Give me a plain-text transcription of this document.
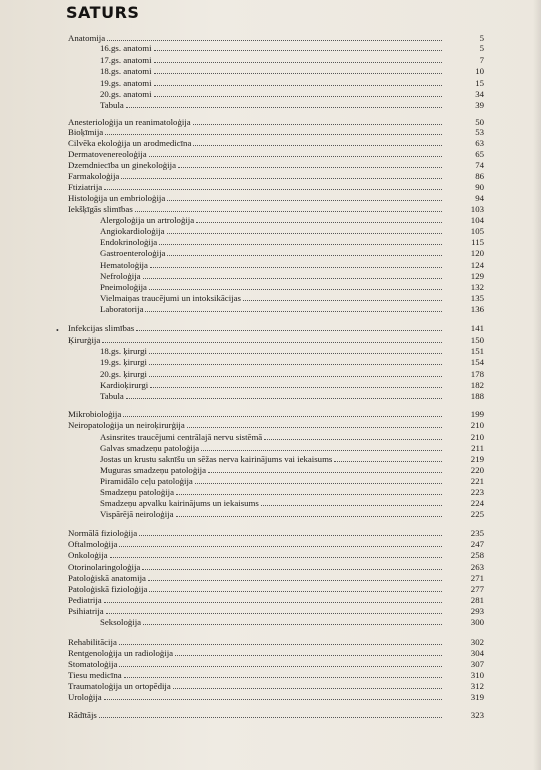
SATURS
•
Anatomija	5
16.gs. anatomi	5
17.gs. anatomi	7
18.gs. anatomi	10
19.gs. anatomi	15
20.gs. anatomi	34
Tabula	39
Anesterioloģija un reanimatoloģija	50
Bioķīmija	53
Cilvēka ekoloģija un arodmedicīna	63
Dermatovenereoloģija	65
Dzemdniecība un ginekoloģija	74
Farmakoloģija	86
Ftiziatrija	90
Histoloģija un embrioloģija	94
Iekšķīgās slimības	103
Alergoloģija un artroloģija	104
Angiokardioloģija	105
Endokrinoloģija	115
Gastroenteroloģija	120
Hematoloģija	124
Nefroloģija	129
Pneimoloģija	132
Vielmaiņas traucējumi un intoksikācijas	135
Laboratorija	136
Infekcijas slimības	141
Ķirurģija	150
18.gs. ķirurgi	151
19.gs. ķirurgi	154
20.gs. ķirurgi	178
Kardioķirurgi	182
Tabula	188
Mikrobioloģija	199
Neiropatoloģija un neiroķirurģija	210
Asinsrites traucējumi centrālajā nervu sistēmā	210
Galvas smadzeņu patoloģija	211
Jostas un krustu saknīšu un sēžas nerva kairinājums vai iekaisums	219
Muguras smadzeņu patoloģija	220
Piramidālo ceļu patoloģija	221
Smadzeņu patoloģija	223
Smadzeņu apvalku kairinājums un iekaisums	224
Vispārējā neiroloģija	225
Normālā fizioloģija	235
Oftalmoloģija	247
Onkoloģija	258
Otorinolaringoloģija	263
Patoloģiskā anatomija	271
Patoloģiskā fizioloģija	277
Pediatrija	281
Psihiatrija	293
Seksoloģija	300
Rehabilitācija	302
Rentgenoloģija un radioloģija	304
Stomatoloģija	307
Tiesu medicīna	310
Traumatoloģija un ortopēdija	312
Uroloģija	319
Rādītājs	323
